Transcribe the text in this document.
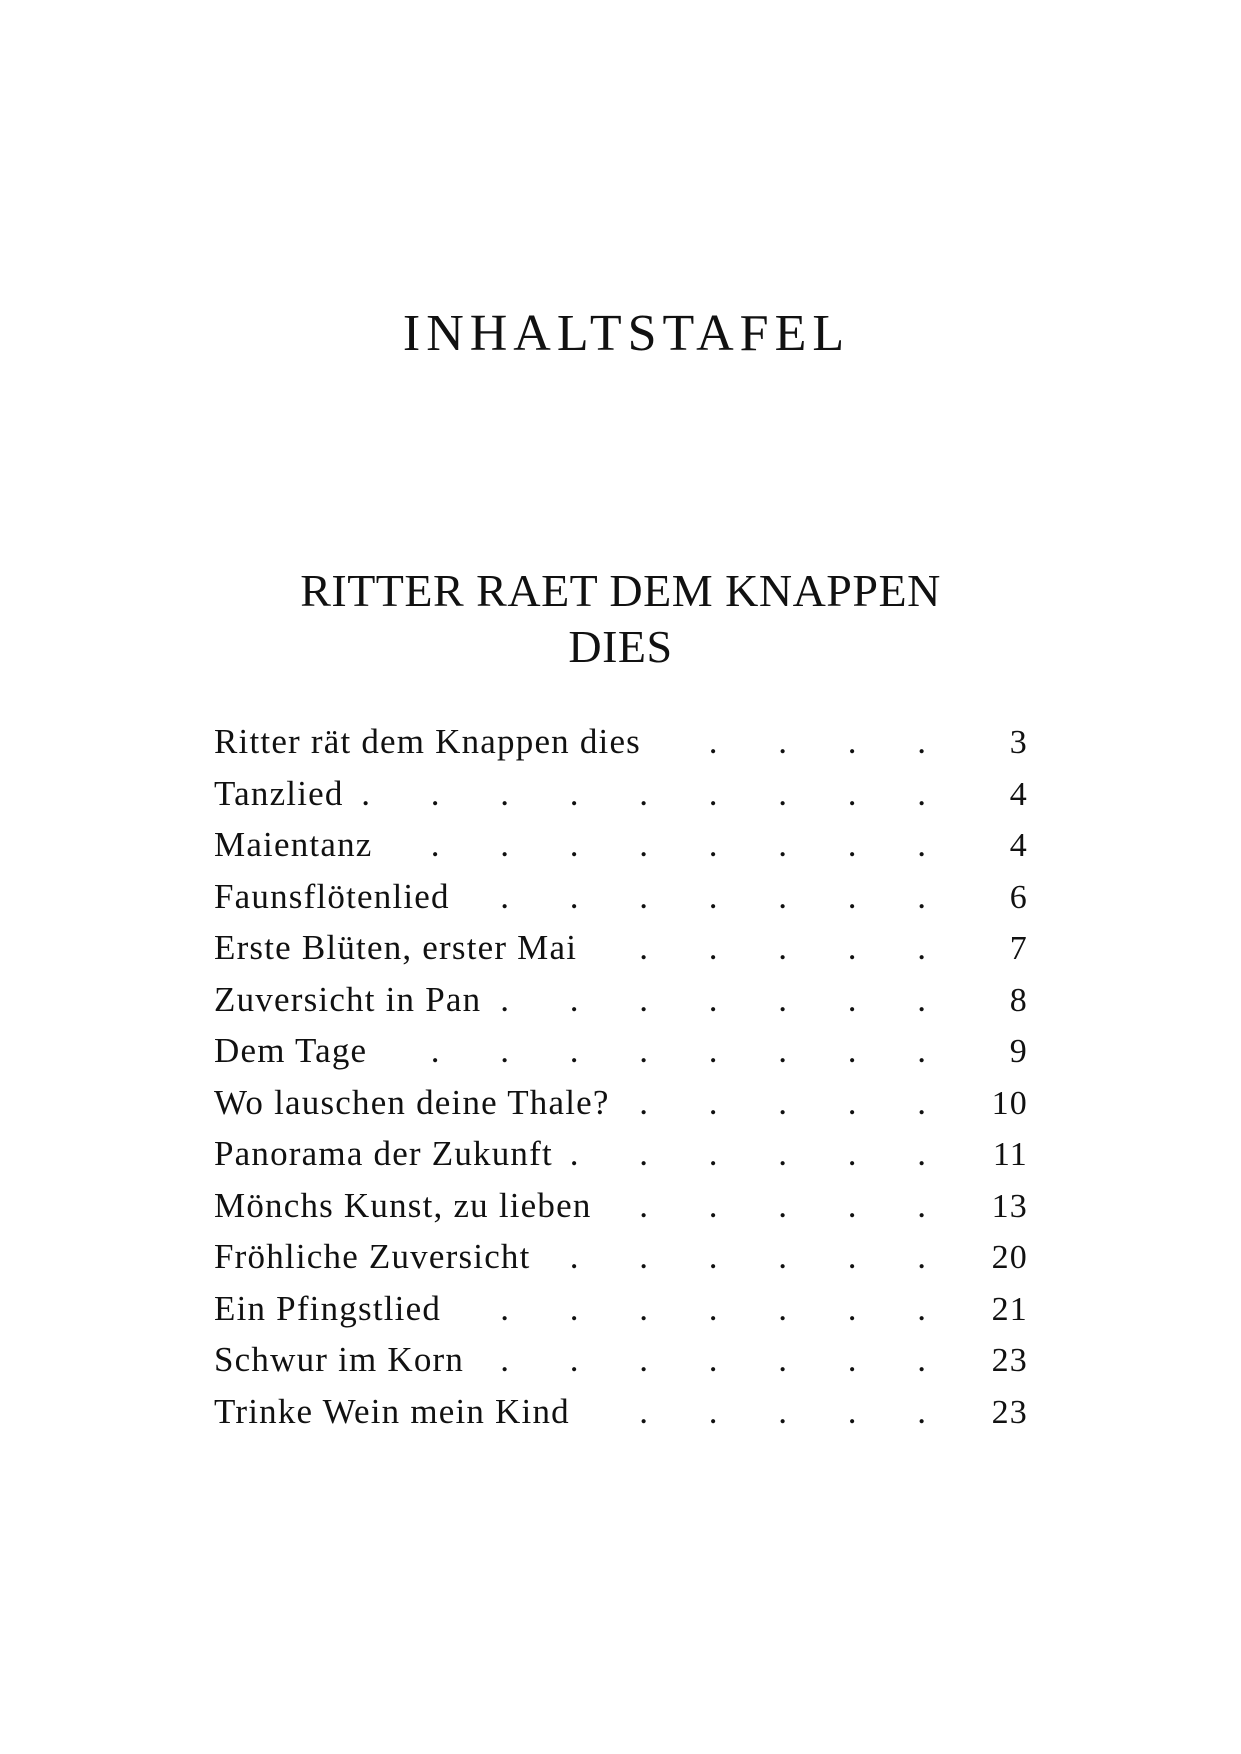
INHALTSTAFEL
RITTER RAET DEM KNAPPEN
DIES
Ritter rät dem Knappen dies . . .	3
Tanzlied . . .	4
Maientanz . . .	4
Faunsflötenlied . . .	6
Erste Blüten, erster Mai . . .	7
Zuversicht in Pan . . .	8
Dem Tage . . .	9
Wo lauschen deine Thale? . . .	10
Panorama der Zukunft . . .	11
Mönchs Kunst, zu lieben . . .	13
Fröhliche Zuversicht . . .	20
Ein Pfingstlied . . .	21
Schwur im Korn . . .	23
Trinke Wein mein Kind . . .	23
